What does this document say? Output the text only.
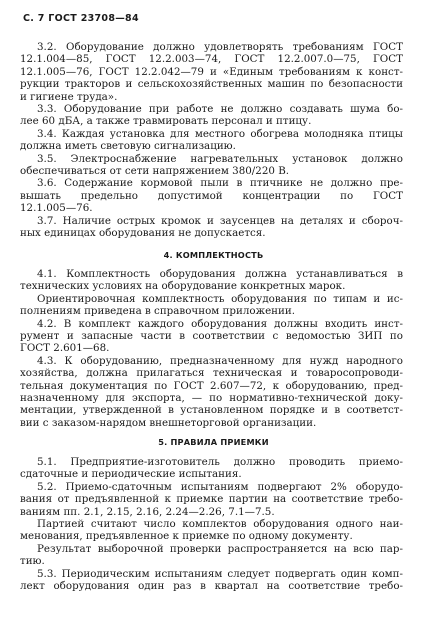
С. 7 ГОСТ 23708—84
3.2. Оборудование должно удовлетворять требованиям ГОСТ
12.1.004—85, ГОСТ 12.2.003—74, ГОСТ 12.2.007.0—75, ГОСТ
12.1.005—76, ГОСТ 12.2.042—79 и «Единым требованиям к конст-
рукции тракторов и сельскохозяйственных машин по безопасности
и гигиене труда».
3.3. Оборудование при работе не должно создавать шума бо-
лее 60 дБА, а также травмировать персонал и птицу.
3.4. Каждая установка для местного обогрева молодняка птицы
должна иметь световую сигнализацию.
3.5. Электроснабжение нагревательных установок должно
обеспечиваться от сети напряжением 380/220 В.
3.6. Содержание кормовой пыли в птичнике не должно пре-
вышать предельно допустимой концентрации по ГОСТ
12.1.005—76.
3.7. Наличие острых кромок и заусенцев на деталях и сбороч-
ных единицах оборудования не допускается.
4. КОМПЛЕКТНОСТЬ
4.1. Комплектность оборудования должна устанавливаться в
технических условиях на оборудование конкретных марок.
Ориентировочная комплектность оборудования по типам и ис-
полнениям приведена в справочном приложении.
4.2. В комплект каждого оборудования должны входить инст-
румент и запасные части в соответствии с ведомостью ЗИП по
ГОСТ 2.601—68.
4.3. К оборудованию, предназначенному для нужд народного
хозяйства, должна прилагаться техническая и товаросопроводи-
тельная документация по ГОСТ 2.607—72, к оборудованию, пред-
назначенному для экспорта, — по нормативно-технической доку-
ментации, утвержденной в установленном порядке и в соответст-
вии с заказом-нарядом внешнеторговой организации.
5. ПРАВИЛА ПРИЕМКИ
5.1. Предприятие-изготовитель должно проводить приемо-
сдаточные и периодические испытания.
5.2. Приемо-сдаточным испытаниям подвергают 2% оборудо-
вания от предъявленной к приемке партии на соответствие требо-
ваниям пп. 2.1, 2.15, 2.16, 2.24—2.26, 7.1—7.5.
Партией считают число комплектов оборудования одного наи-
менования, предъявленное к приемке по одному документу.
Результат выборочной проверки распространяется на всю пар-
тию.
5.3. Периодическим испытаниям следует подвергать один комп-
лект оборудования один раз в квартал на соответствие требо-
